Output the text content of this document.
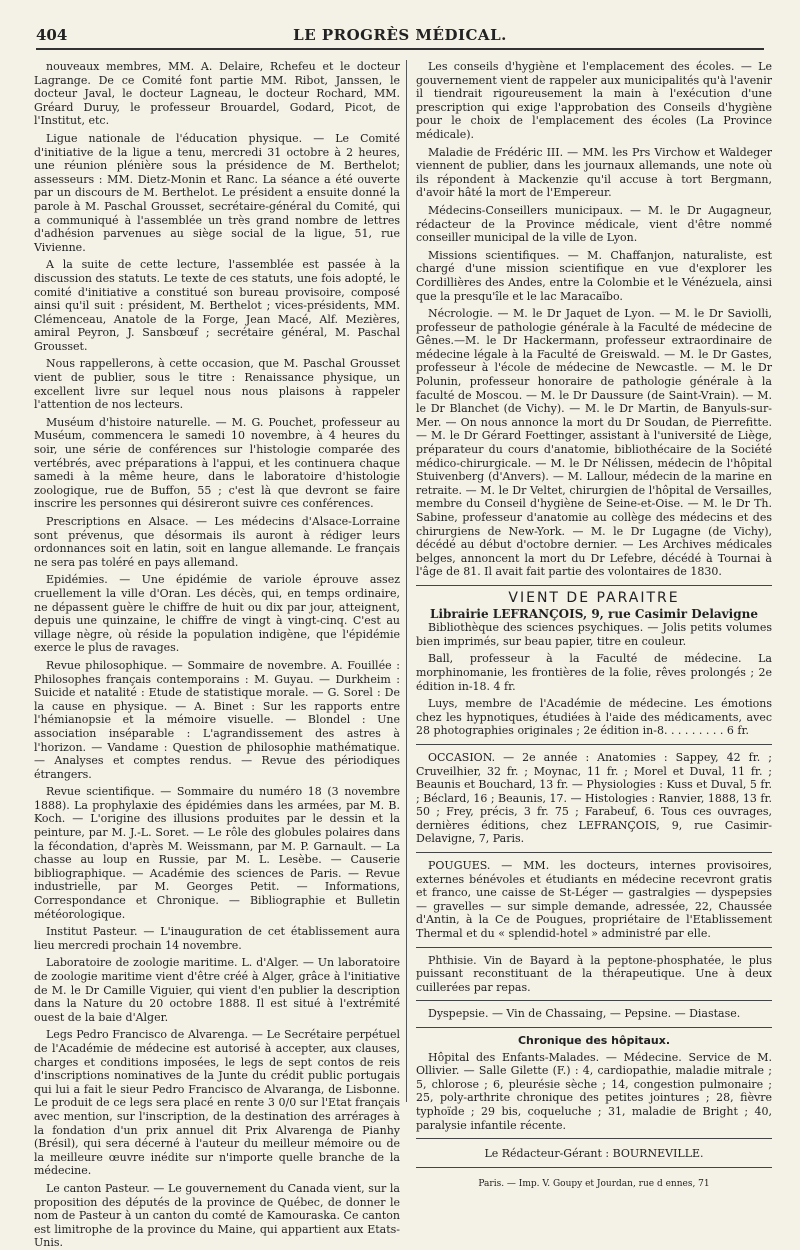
404	LE PROGRÈS MÉDICAL.

nouveaux membres, MM. A. Delaire, Rchefeu et le docteur Lagrange. De ce Comité font partie MM. Ribot, Janssen, le docteur Javal, le docteur Lagneau, le docteur Rochard, MM. Gréard Duruy, le professeur Brouardel, Godard, Picot, de l'Institut, etc.

Ligue nationale de l'éducation physique. — Le Comité d'initiative de la ligue a tenu, mercredi 31 octobre à 2 heures, une réunion plénière sous la présidence de M. Berthelot; assesseurs : MM. Dietz-Monin et Ranc. La séance a été ouverte par un discours de M. Berthelot. Le président a ensuite donné la parole à M. Paschal Grousset, secrétaire-général du Comité, qui a communiqué à l'assemblée un très grand nombre de lettres d'adhésion parvenues au siège social de la ligue, 51, rue Vivienne.

A la suite de cette lecture, l'assemblée est passée à la discussion des statuts. Le texte de ces statuts, une fois adopté, le comité d'initiative a constitué son bureau provisoire, composé ainsi qu'il suit : président, M. Berthelot ; vices-présidents, MM. Clémenceau, Anatole de la Forge, Jean Macé, Alf. Mezières, amiral Peyron, J. Sansbœuf ; secrétaire général, M. Paschal Grousset.

Nous rappellerons, à cette occasion, que M. Paschal Grousset vient de publier, sous le titre : Renaissance physique, un excellent livre sur lequel nous nous plaisons à rappeler l'attention de nos lecteurs.

Muséum d'histoire naturelle. — M. G. Pouchet, professeur au Muséum, commencera le samedi 10 novembre, à 4 heures du soir, une série de conférences sur l'histologie comparée des vertébrés, avec préparations à l'appui, et les continuera chaque samedi à la même heure, dans le laboratoire d'histologie zoologique, rue de Buffon, 55 ; c'est là que devront se faire inscrire les personnes qui désireront suivre ces conférences.

Prescriptions en Alsace. — Les médecins d'Alsace-Lorraine sont prévenus, que désormais ils auront à rédiger leurs ordonnances soit en latin, soit en langue allemande. Le français ne sera pas toléré en pays allemand.

Epidémies. — Une épidémie de variole éprouve assez cruellement la ville d'Oran. Les décès, qui, en temps ordinaire, ne dépassent guère le chiffre de huit ou dix par jour, atteignent, depuis une quinzaine, le chiffre de vingt à vingt-cinq. C'est au village nègre, où réside la population indigène, que l'épidémie exerce le plus de ravages.

Revue philosophique. — Sommaire de novembre. A. Fouillée : Philosophes français contemporains : M. Guyau. — Durkheim : Suicide et natalité : Etude de statistique morale. — G. Sorel : De la cause en physique. — A. Binet : Sur les rapports entre l'hémianopsie et la mémoire visuelle. — Blondel : Une association inséparable : L'agrandissement des astres à l'horizon. — Vandame : Question de philosophie mathématique. — Analyses et comptes rendus. — Revue des périodiques étrangers.

Revue scientifique. — Sommaire du numéro 18 (3 novembre 1888). La prophylaxie des épidémies dans les armées, par M. B. Koch. — L'origine des illusions produites par le dessin et la peinture, par M. J.-L. Soret. — Le rôle des globules polaires dans la fécondation, d'après M. Weissmann, par M. P. Garnault. — La chasse au loup en Russie, par M. L. Lesèbe. — Causerie bibliographique. — Académie des sciences de Paris. — Revue industrielle, par M. Georges Petit. — Informations, Correspondance et Chronique. — Bibliographie et Bulletin météorologique.

Institut Pasteur. — L'inauguration de cet établissement aura lieu mercredi prochain 14 novembre.

Laboratoire de zoologie maritime. L. d'Alger. — Un laboratoire de zoologie maritime vient d'être créé à Alger, grâce à l'initiative de M. le Dr Camille Viguier, qui vient d'en publier la description dans la Nature du 20 octobre 1888. Il est situé à l'extrémité ouest de la baie d'Alger.

Legs Pedro Francisco de Alvarenga. — Le Secrétaire perpétuel de l'Académie de médecine est autorisé à accepter, aux clauses, charges et conditions imposées, le legs de sept contos de reis d'inscriptions nominatives de la Junte du crédit public portugais qui lui a fait le sieur Pedro Francisco de Alvaranga, de Lisbonne. Le produit de ce legs sera placé en rente 3 0/0 sur l'Etat français avec mention, sur l'inscription, de la destination des arrérages à la fondation d'un prix annuel dit Prix Alvarenga de Pianhy (Brésil), qui sera décerné à l'auteur du meilleur mémoire ou de la meilleure œuvre inédite sur n'importe quelle branche de la médecine.

Le canton Pasteur. — Le gouvernement du Canada vient, sur la proposition des députés de la province de Québec, de donner le nom de Pasteur à un canton du comté de Kamouraska. Ce canton est limitrophe de la province du Maine, qui appartient aux Etats-Unis.

Les conseils d'hygiène et l'emplacement des écoles. — Le gouvernement vient de rappeler aux municipalités qu'à l'avenir il tiendrait rigoureusement la main à l'exécution d'une prescription qui exige l'approbation des Conseils d'hygiène pour le choix de l'emplacement des écoles (La Province médicale).

Maladie de Frédéric III. — MM. les Prs Virchow et Waldeger viennent de publier, dans les journaux allemands, une note où ils répondent à Mackenzie qu'il accuse à tort Bergmann, d'avoir hâté la mort de l'Empereur.

Médecins-Conseillers municipaux. — M. le Dr Augagneur, rédacteur de la Province médicale, vient d'être nommé conseiller municipal de la ville de Lyon.

Missions scientifiques. — M. Chaffanjon, naturaliste, est chargé d'une mission scientifique en vue d'explorer les Cordillières des Andes, entre la Colombie et le Vénézuela, ainsi que la presqu'île et le lac Maracaïbo.

Nécrologie. — M. le Dr Jaquet de Lyon. — M. le Dr Saviolli, professeur de pathologie générale à la Faculté de médecine de Gênes.—M. le Dr Hackermann, professeur extraordinaire de médecine légale à la Faculté de Greiswald. — M. le Dr Gastes, professeur à l'école de médecine de Newcastle. — M. le Dr Polunin, professeur honoraire de pathologie générale à la faculté de Moscou. — M. le Dr Daussure (de Saint-Vrain). — M. le Dr Blanchet (de Vichy). — M. le Dr Martin, de Banyuls-sur-Mer. — On nous annonce la mort du Dr Soudan, de Pierrefitte. — M. le Dr Gérard Foettinger, assistant à l'université de Liège, préparateur du cours d'anatomie, bibliothécaire de la Société médico-chirurgicale. — M. le Dr Nélissen, médecin de l'hôpital Stuivenberg (d'Anvers). — M. Lallour, médecin de la marine en retraite. — M. le Dr Veltet, chirurgien de l'hôpital de Versailles, membre du Conseil d'hygiène de Seine-et-Oise. — M. le Dr Th. Sabine, professeur d'anatomie au collège des médecins et des chirurgiens de New-York. — M. le Dr Lugagne (de Vichy), décédé au début d'octobre dernier. — Les Archives médicales belges, annoncent la mort du Dr Lefebre, décédé à Tournai à l'âge de 81. Il avait fait partie des volontaires de 1830.

VIENT DE PARAITRE
Librairie LEFRANÇOIS, 9, rue Casimir Delavigne

Bibliothèque des sciences psychiques. — Jolis petits volumes bien imprimés, sur beau papier, titre en couleur.

Ball, professeur à la Faculté de médecine. La morphinomanie, les frontières de la folie, rêves prolongés ; 2e édition in-18. 4 fr.

Luys, membre de l'Académie de médecine. Les émotions chez les hypnotiques, étudiées à l'aide des médicaments, avec 28 photographies originales ; 2e édition in-8. . . . . . . . . 6 fr.

OCCASION. — 2e année : Anatomies : Sappey, 42 fr. ; Cruveilhier, 32 fr. ; Moynac, 11 fr. ; Morel et Duval, 11 fr. ; Beaunis et Bouchard, 13 fr. — Physiologies : Kuss et Duval, 5 fr. ; Béclard, 16 ; Beaunis, 17. — Histologies : Ranvier, 1888, 13 fr. 50 ; Frey, précis, 3 fr. 75 ; Farabeuf, 6. Tous ces ouvrages, dernières éditions, chez LEFRANÇOIS, 9, rue Casimir-Delavigne, 7, Paris.

POUGUES. — MM. les docteurs, internes provisoires, externes bénévoles et étudiants en médecine recevront gratis et franco, une caisse de St-Léger — gastralgies — dyspepsies — gravelles — sur simple demande, adressée, 22, Chaussée d'Antin, à la Ce de Pougues, propriétaire de l'Etablissement Thermal et du « splendid-hotel » administré par elle.

Phthisie. Vin de Bayard à la peptone-phosphatée, le plus puissant reconstituant de la thérapeutique. Une à deux cuillerées par repas.

Dyspepsie. — Vin de Chassaing, — Pepsine. — Diastase.

Chronique des hôpitaux.

Hôpital des Enfants-Malades. — Médecine. Service de M. Ollivier. — Salle Gilette (F.) : 4, cardiopathie, maladie mitrale ; 5, chlorose ; 6, pleurésie sèche ; 14, congestion pulmonaire ; 25, poly-arthrite chronique des petites jointures ; 28, fièvre typhoïde ; 29 bis, coqueluche ; 31, maladie de Bright ; 40, paralysie infantile récente.

Le Rédacteur-Gérant : BOURNEVILLE.
Paris. — Imp. V. Goupy et Jourdan, rue d ennes, 71
